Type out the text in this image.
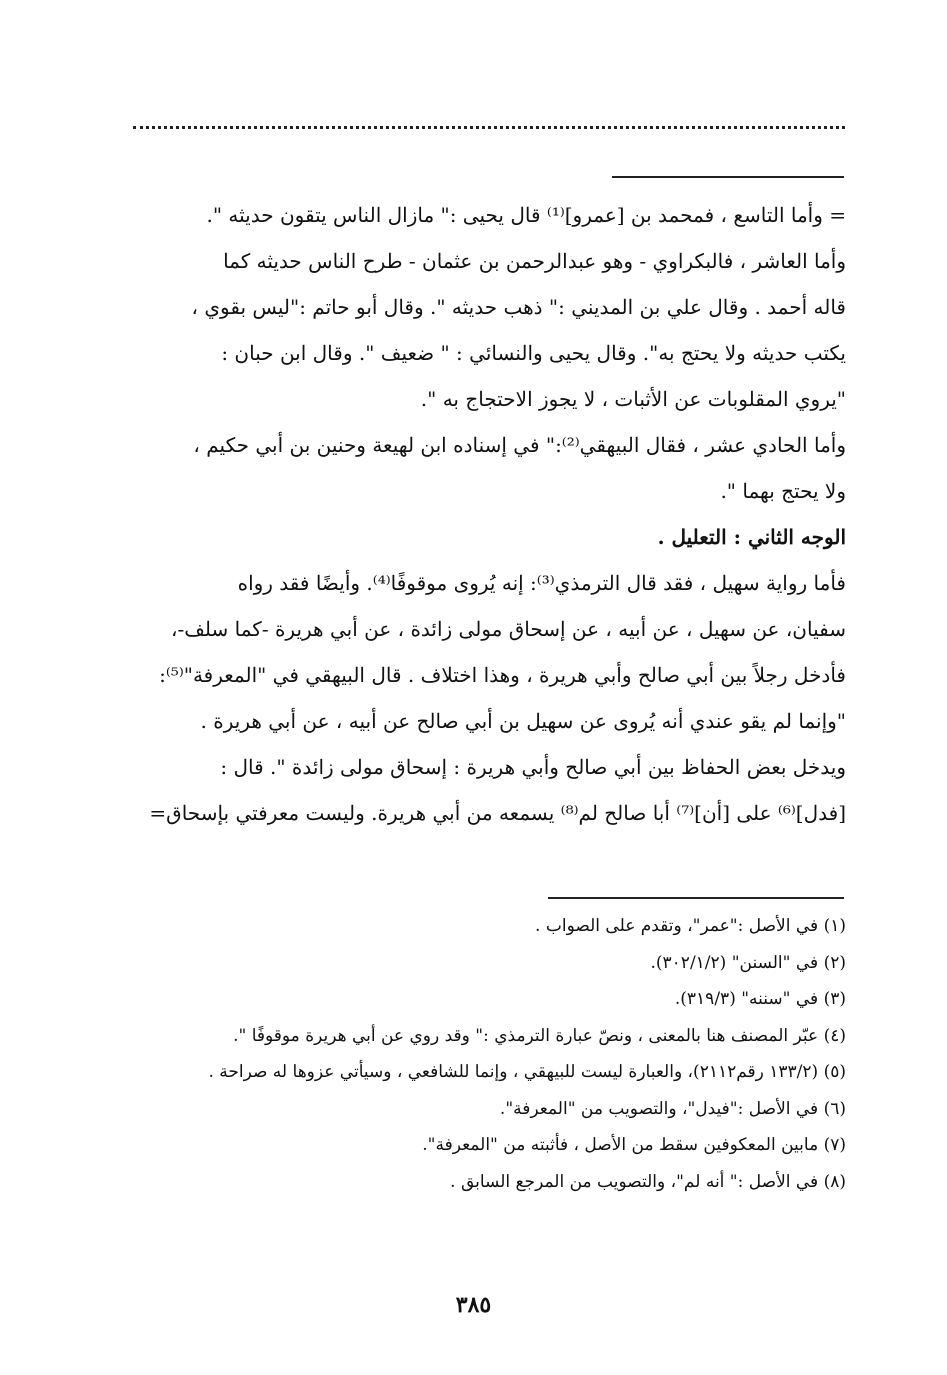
= وأما التاسع ، فمحمد بن [عمرو]⁽¹⁾ قال يحيى :" مازال الناس يتقون حديثه ".
وأما العاشر ، فالبكراوي - وهو عبدالرحمن بن عثمان - طرح الناس حديثه كما
قاله أحمد . وقال علي بن المديني :" ذهب حديثه ". وقال أبو حاتم :"ليس بقوي ،
يكتب حديثه ولا يحتج به". وقال يحيى والنسائي : " ضعيف ". وقال ابن حبان :
"يروي المقلوبات عن الأثبات ، لا يجوز الاحتجاج به ".
وأما الحادي عشر ، فقال البيهقي⁽²⁾:" في إسناده ابن لهيعة وحنين بن أبي حكيم ،
ولا يحتج بهما ".
الوجه الثاني : التعليل .
فأما رواية سهيل ، فقد قال الترمذي⁽³⁾: إنه يُروى موقوفًا⁽⁴⁾. وأيضًا فقد رواه
سفيان، عن سهيل ، عن أبيه ، عن إسحاق مولى زائدة ، عن أبي هريرة -كما سلف-،
فأدخل رجلاً بين أبي صالح وأبي هريرة ، وهذا اختلاف . قال البيهقي في "المعرفة"⁽⁵⁾:
"وإنما لم يقو عندي أنه يُروى عن سهيل بن أبي صالح عن أبيه ، عن أبي هريرة .
ويدخل بعض الحفاظ بين أبي صالح وأبي هريرة : إسحاق مولى زائدة ". قال :
[فدل]⁽⁶⁾ على [أن]⁽⁷⁾ أبا صالح لم⁽⁸⁾ يسمعه من أبي هريرة. وليست معرفتي بإسحاق=
(١) في الأصل :"عمر"، وتقدم على الصواب .
(٢) في "السنن" (٣٠٢/١/٢).
(٣) في "سننه" (٣١٩/٣).
(٤) عبّر المصنف هنا بالمعنى ، ونصّ عبارة الترمذي :" وقد روي عن أبي هريرة موقوفًا ".
(٥) (١٣٣/٢ رقم٢١١٢)، والعبارة ليست للبيهقي ، وإنما للشافعي ، وسيأتي عزوها له صراحة .
(٦) في الأصل :"فيدل"، والتصويب من "المعرفة".
(٧) مابين المعكوفين سقط من الأصل ، فأثبته من "المعرفة".
(٨) في الأصل :" أنه لم"، والتصويب من المرجع السابق .
٣٨٥
